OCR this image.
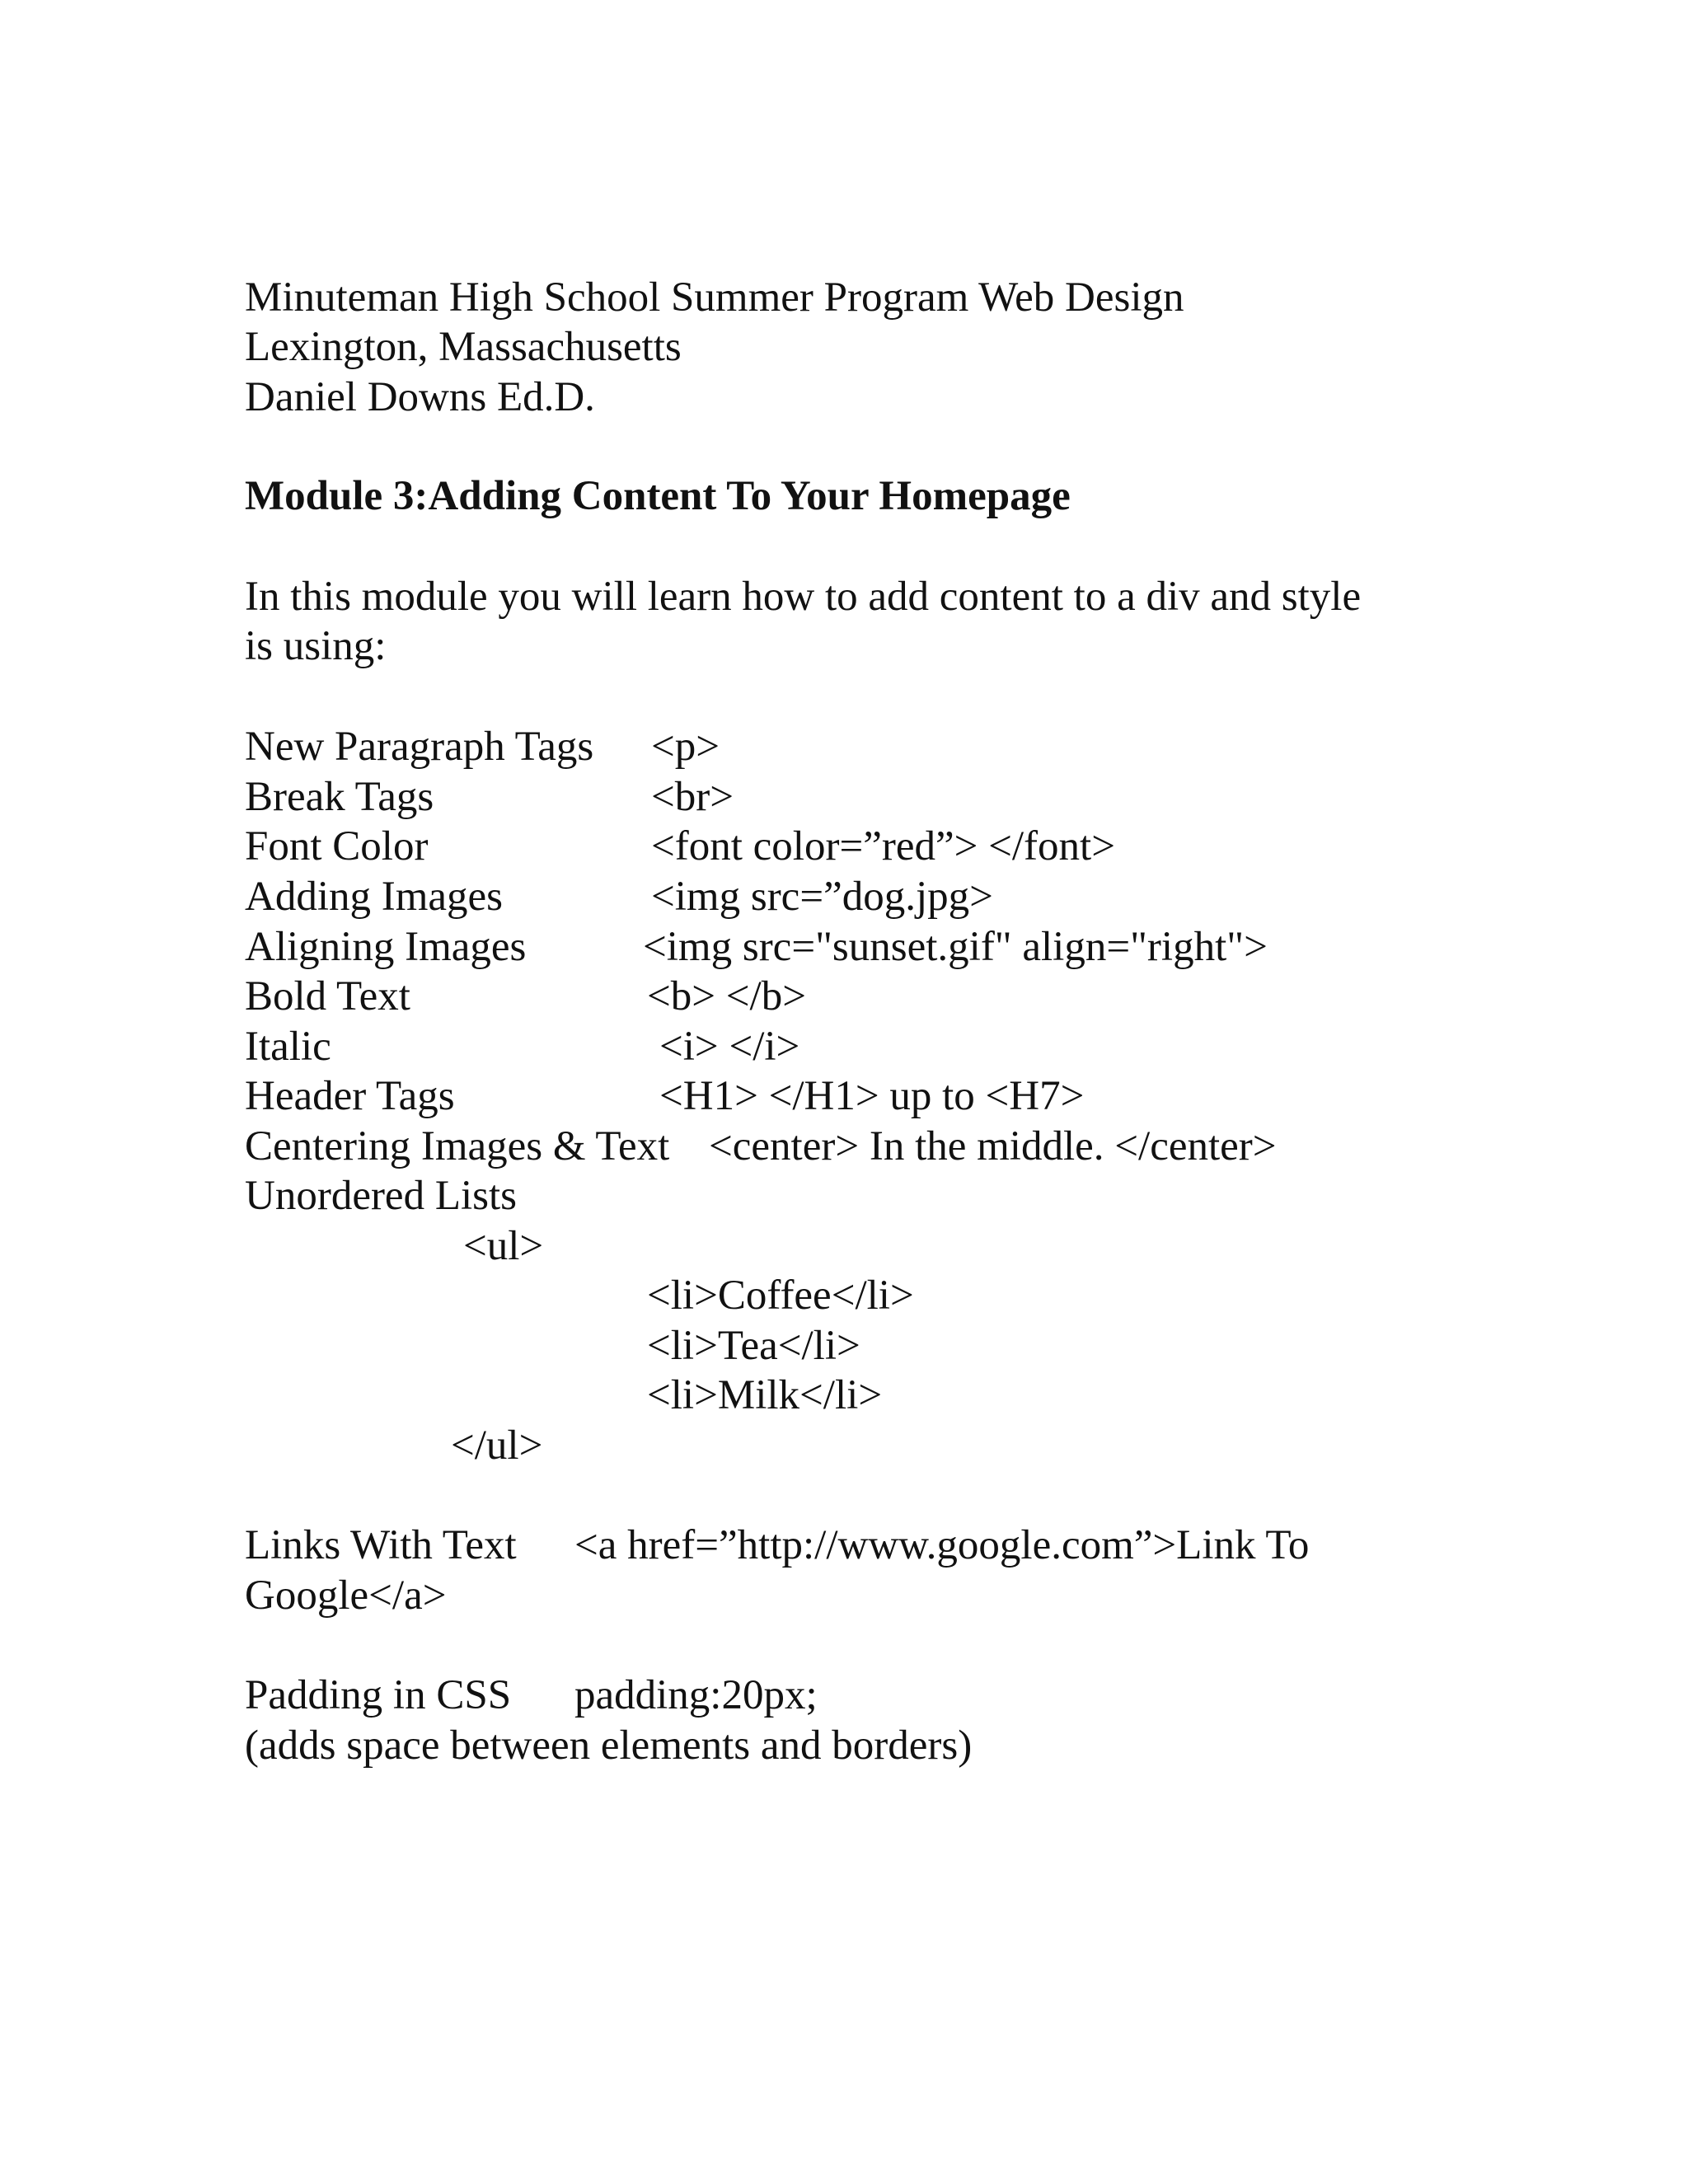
Minuteman High School Summer Program Web Design
Lexington, Massachusetts
Daniel Downs Ed.D.
Module 3:Adding Content To Your Homepage
In this module you will learn how to add content to a div and style
is using:
New Paragraph Tags <p>
Break Tags	<br>
Font Color	<font color=”red”> </font>
Adding Images	<img src=”dog.jpg>
Aligning Images	<img src="sunset.gif" align="right">
Bold Text	<b> </b>
Italic	<i> </i>
Header Tags	<H1> </H1> up to <H7>
Centering Images & Text <center> In the middle. </center>
Unordered Lists
<ul>
<li>Coffee</li>
<li>Tea</li>
<li>Milk</li>
</ul>
Links With Text <a href=”http://www.google.com”>Link To
Google</a>
Padding in CSS padding:20px;
(adds space between elements and borders)
